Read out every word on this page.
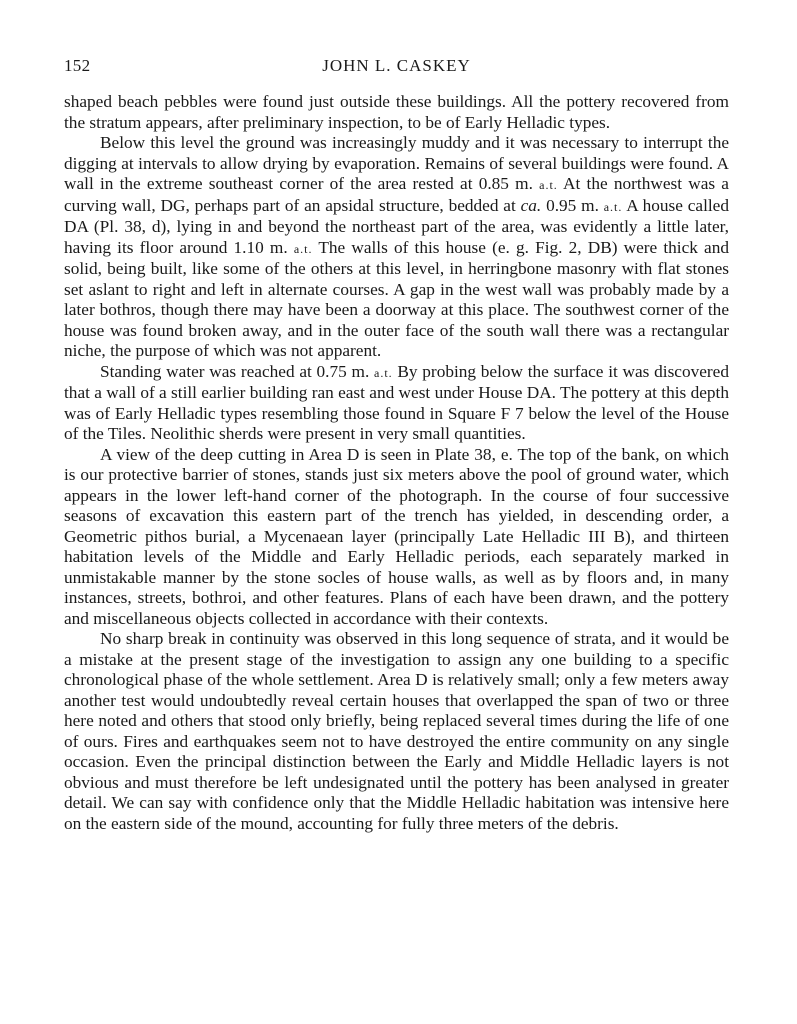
152	JOHN L. CASKEY

shaped beach pebbles were found just outside these buildings. All the pottery recovered from the stratum appears, after preliminary inspection, to be of Early Helladic types.

Below this level the ground was increasingly muddy and it was necessary to interrupt the digging at intervals to allow drying by evaporation. Remains of several buildings were found. A wall in the extreme southeast corner of the area rested at 0.85 m. a.t. At the northwest was a curving wall, DG, perhaps part of an apsidal structure, bedded at ca. 0.95 m. a.t. A house called DA (Pl. 38, d), lying in and beyond the northeast part of the area, was evidently a little later, having its floor around 1.10 m. a.t. The walls of this house (e. g. Fig. 2, DB) were thick and solid, being built, like some of the others at this level, in herringbone masonry with flat stones set aslant to right and left in alternate courses. A gap in the west wall was probably made by a later bothros, though there may have been a doorway at this place. The southwest corner of the house was found broken away, and in the outer face of the south wall there was a rectangular niche, the purpose of which was not apparent.

Standing water was reached at 0.75 m. a.t. By probing below the surface it was discovered that a wall of a still earlier building ran east and west under House DA. The pottery at this depth was of Early Helladic types resembling those found in Square F 7 below the level of the House of the Tiles. Neolithic sherds were present in very small quantities.

A view of the deep cutting in Area D is seen in Plate 38, e. The top of the bank, on which is our protective barrier of stones, stands just six meters above the pool of ground water, which appears in the lower left-hand corner of the photograph. In the course of four successive seasons of excavation this eastern part of the trench has yielded, in descending order, a Geometric pithos burial, a Mycenaean layer (principally Late Helladic III B), and thirteen habitation levels of the Middle and Early Helladic periods, each separately marked in unmistakable manner by the stone socles of house walls, as well as by floors and, in many instances, streets, bothroi, and other features. Plans of each have been drawn, and the pottery and miscellaneous objects collected in accordance with their contexts.

No sharp break in continuity was observed in this long sequence of strata, and it would be a mistake at the present stage of the investigation to assign any one building to a specific chronological phase of the whole settlement. Area D is relatively small; only a few meters away another test would undoubtedly reveal certain houses that overlapped the span of two or three here noted and others that stood only briefly, being replaced several times during the life of one of ours. Fires and earthquakes seem not to have destroyed the entire community on any single occasion. Even the principal distinction between the Early and Middle Helladic layers is not obvious and must therefore be left undesignated until the pottery has been analysed in greater detail. We can say with confidence only that the Middle Helladic habitation was intensive here on the eastern side of the mound, accounting for fully three meters of the debris.
